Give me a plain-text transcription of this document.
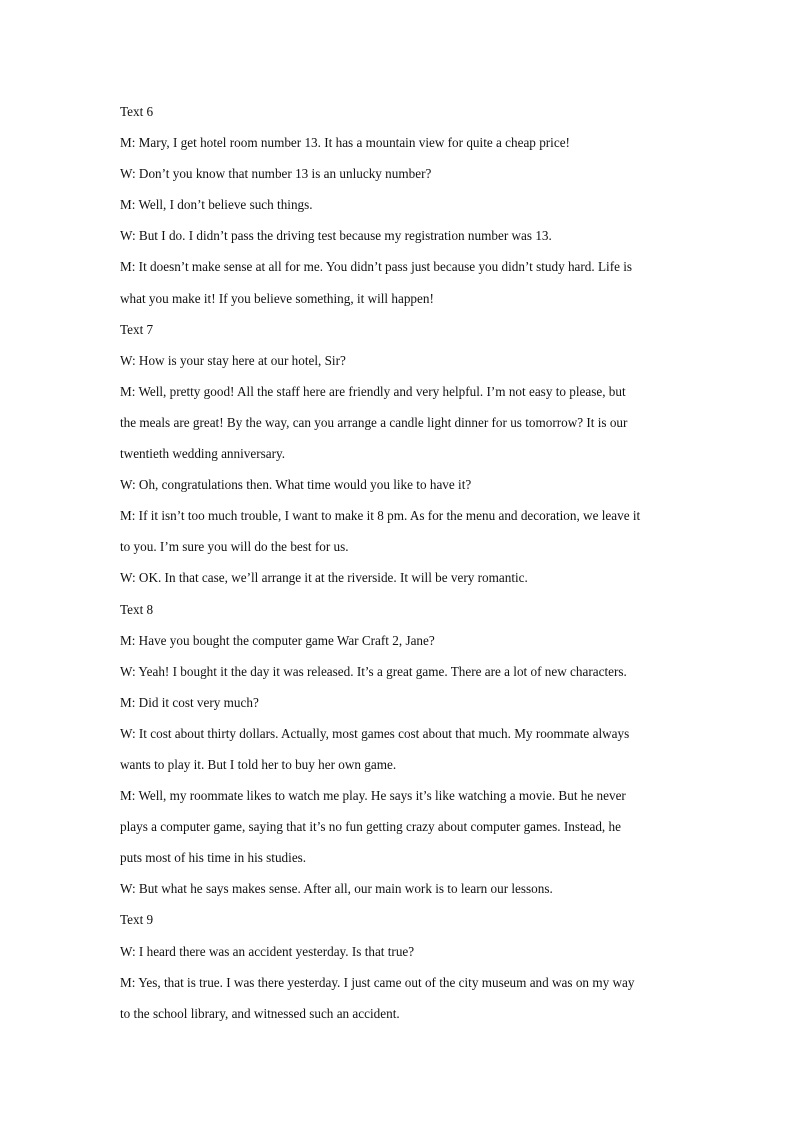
Text 6
M: Mary, I get hotel room number 13. It has a mountain view for quite a cheap price!
W: Don’t you know that number 13 is an unlucky number?
M: Well, I don’t believe such things.
W: But I do. I didn’t pass the driving test because my registration number was 13.
M: It doesn’t make sense at all for me. You didn’t pass just because you didn’t study hard. Life is
what you make it! If you believe something, it will happen!
Text 7
W: How is your stay here at our hotel, Sir?
M: Well, pretty good! All the staff here are friendly and very helpful. I’m not easy to please, but
the meals are great! By the way, can you arrange a candle light dinner for us tomorrow? It is our
twentieth wedding anniversary.
W: Oh, congratulations then. What time would you like to have it?
M: If it isn’t too much trouble, I want to make it 8 pm. As for the menu and decoration, we leave it
to you. I’m sure you will do the best for us.
W: OK. In that case, we’ll arrange it at the riverside. It will be very romantic.
Text 8
M: Have you bought the computer game War Craft 2, Jane?
W: Yeah! I bought it the day it was released. It’s a great game. There are a lot of new characters.
M: Did it cost very much?
W: It cost about thirty dollars. Actually, most games cost about that much. My roommate always
wants to play it. But I told her to buy her own game.
M: Well, my roommate likes to watch me play. He says it’s like watching a movie. But he never
plays a computer game, saying that it’s no fun getting crazy about computer games. Instead, he
puts most of his time in his studies.
W: But what he says makes sense. After all, our main work is to learn our lessons.
Text 9
W: I heard there was an accident yesterday. Is that true?
M: Yes, that is true. I was there yesterday. I just came out of the city museum and was on my way
to the school library, and witnessed such an accident.
